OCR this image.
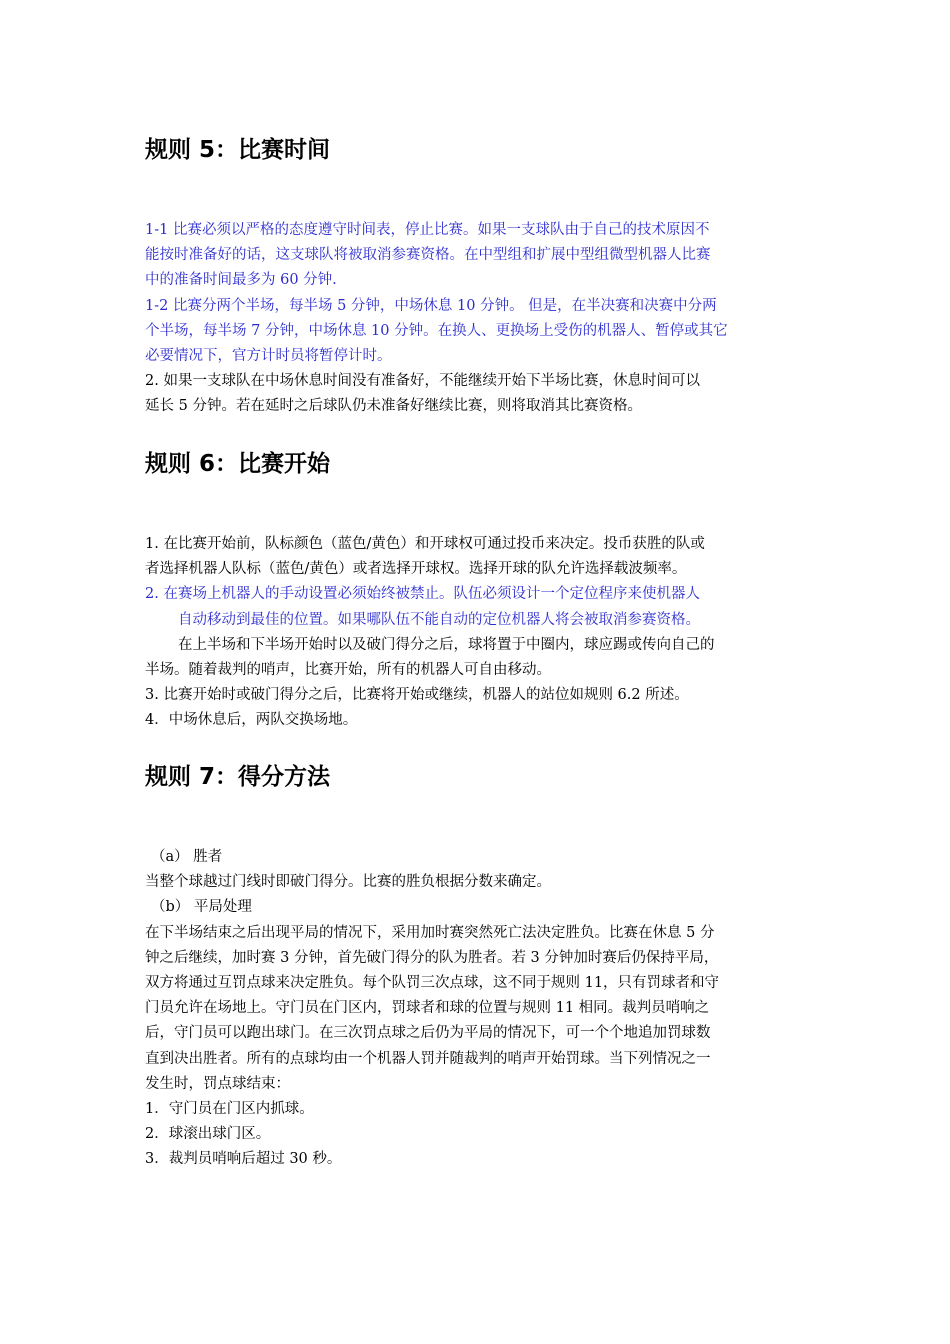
规则 5：比赛时间
1-1 比赛必须以严格的态度遵守时间表，停止比赛。如果一支球队由于自己的技术原因不
能按时准备好的话，这支球队将被取消参赛资格。在中型组和扩展中型组微型机器人比赛
中的准备时间最多为 60 分钟.
1-2 比赛分两个半场，每半场 5 分钟，中场休息 10 分钟。 但是，在半决赛和决赛中分两
个半场，每半场 7 分钟，中场休息 10 分钟。在换人、更换场上受伤的机器人、暂停或其它
必要情况下，官方计时员将暂停计时。
2. 如果一支球队在中场休息时间没有准备好，不能继续开始下半场比赛，休息时间可以
延长 5 分钟。若在延时之后球队仍未准备好继续比赛，则将取消其比赛资格。
规则 6：比赛开始
1. 在比赛开始前，队标颜色（蓝色/黄色）和开球权可通过投币来决定。投币获胜的队或
者选择机器人队标（蓝色/黄色）或者选择开球权。选择开球的队允许选择载波频率。
2. 在赛场上机器人的手动设置必须始终被禁止。队伍必须设计一个定位程序来使机器人
自动移动到最佳的位置。如果哪队伍不能自动的定位机器人将会被取消参赛资格。
在上半场和下半场开始时以及破门得分之后，球将置于中圈内，球应踢或传向自己的
半场。随着裁判的哨声，比赛开始，所有的机器人可自由移动。
3. 比赛开始时或破门得分之后，比赛将开始或继续，机器人的站位如规则 6.2 所述。
4．中场休息后，两队交换场地。
规则 7：得分方法
（a） 胜者
当整个球越过门线时即破门得分。比赛的胜负根据分数来确定。
（b） 平局处理
在下半场结束之后出现平局的情况下，采用加时赛突然死亡法决定胜负。比赛在休息 5 分
钟之后继续，加时赛 3 分钟，首先破门得分的队为胜者。若 3 分钟加时赛后仍保持平局，
双方将通过互罚点球来决定胜负。每个队罚三次点球，这不同于规则 11，只有罚球者和守
门员允许在场地上。守门员在门区内，罚球者和球的位置与规则 11 相同。裁判员哨响之
后，守门员可以跑出球门。在三次罚点球之后仍为平局的情况下，可一个个地追加罚球数
直到决出胜者。所有的点球均由一个机器人罚并随裁判的哨声开始罚球。当下列情况之一
发生时，罚点球结束：
1．守门员在门区内抓球。
2．球滚出球门区。
3．裁判员哨响后超过 30 秒。
